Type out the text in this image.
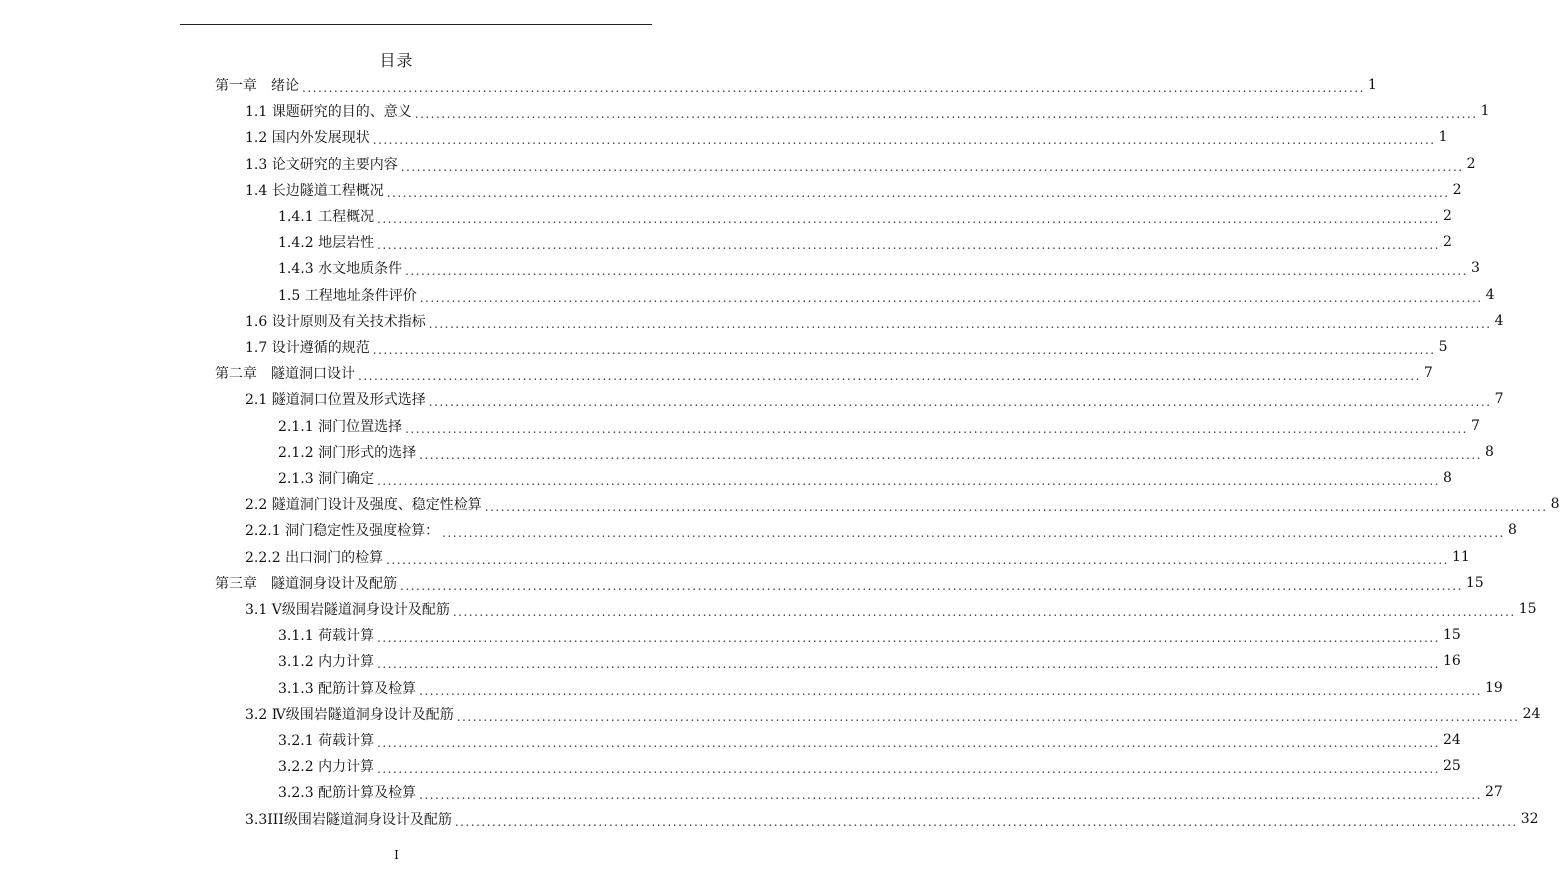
目录
第一章　绪论 ........................................................................................................................................................................................................ 1
1.1 课题研究的目的、意义 ........................................................................................................................................................................................................ 1
1.2 国内外发展现状 ........................................................................................................................................................................................................ 1
1.3 论文研究的主要内容 ........................................................................................................................................................................................................ 2
1.4 长边隧道工程概况 ........................................................................................................................................................................................................ 2
1.4.1 工程概况 ........................................................................................................................................................................................................ 2
1.4.2 地层岩性 ........................................................................................................................................................................................................ 2
1.4.3 水文地质条件 ........................................................................................................................................................................................................ 3
1.5 工程地址条件评价 ........................................................................................................................................................................................................ 4
1.6 设计原则及有关技术指标 ........................................................................................................................................................................................................ 4
1.7 设计遵循的规范 ........................................................................................................................................................................................................ 5
第二章　隧道洞口设计 ........................................................................................................................................................................................................ 7
2.1 隧道洞口位置及形式选择 ........................................................................................................................................................................................................ 7
2.1.1 洞门位置选择 ........................................................................................................................................................................................................ 7
2.1.2 洞门形式的选择 ........................................................................................................................................................................................................ 8
2.1.3 洞门确定 ........................................................................................................................................................................................................ 8
2.2 隧道洞门设计及强度、稳定性检算 ........................................................................................................................................................................................................ 8
2.2.1 洞门稳定性及强度检算： ........................................................................................................................................................................................................ 8
2.2.2 出口洞门的检算 ........................................................................................................................................................................................................ 11
第三章　隧道洞身设计及配筋 ........................................................................................................................................................................................................ 15
3.1 Ⅴ级围岩隧道洞身设计及配筋 ........................................................................................................................................................................................................ 15
3.1.1 荷载计算 ........................................................................................................................................................................................................ 15
3.1.2 内力计算 ........................................................................................................................................................................................................ 16
3.1.3 配筋计算及检算 ........................................................................................................................................................................................................ 19
3.2 Ⅳ级围岩隧道洞身设计及配筋 ........................................................................................................................................................................................................ 24
3.2.1 荷载计算 ........................................................................................................................................................................................................ 24
3.2.2 内力计算 ........................................................................................................................................................................................................ 25
3.2.3 配筋计算及检算 ........................................................................................................................................................................................................ 27
3.3III级围岩隧道洞身设计及配筋 ........................................................................................................................................................................................................ 32
I
